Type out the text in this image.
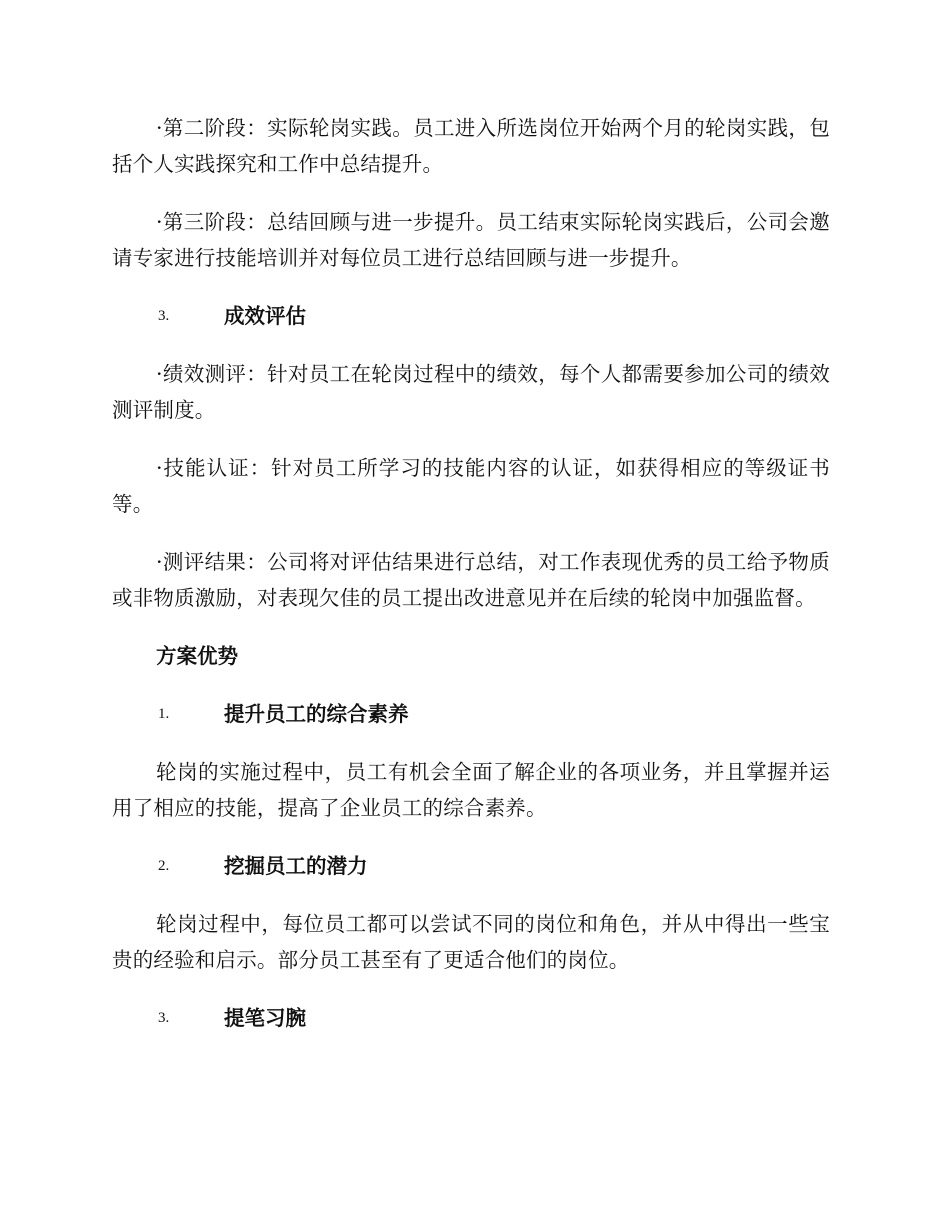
·第二阶段：实际轮岗实践。员工进入所选岗位开始两个月的轮岗实践，包括个人实践探究和工作中总结提升。

·第三阶段：总结回顾与进一步提升。员工结束实际轮岗实践后，公司会邀请专家进行技能培训并对每位员工进行总结回顾与进一步提升。

3.	成效评估

·绩效测评：针对员工在轮岗过程中的绩效，每个人都需要参加公司的绩效测评制度。

·技能认证：针对员工所学习的技能内容的认证，如获得相应的等级证书等。

·测评结果：公司将对评估结果进行总结，对工作表现优秀的员工给予物质或非物质激励，对表现欠佳的员工提出改进意见并在后续的轮岗中加强监督。

方案优势
1.	提升员工的综合素养

轮岗的实施过程中，员工有机会全面了解企业的各项业务，并且掌握并运用了相应的技能，提高了企业员工的综合素养。

2.	挖掘员工的潜力

轮岗过程中，每位员工都可以尝试不同的岗位和角色，并从中得出一些宝贵的经验和启示。部分员工甚至有了更适合他们的岗位。

3.	提笔习腕
